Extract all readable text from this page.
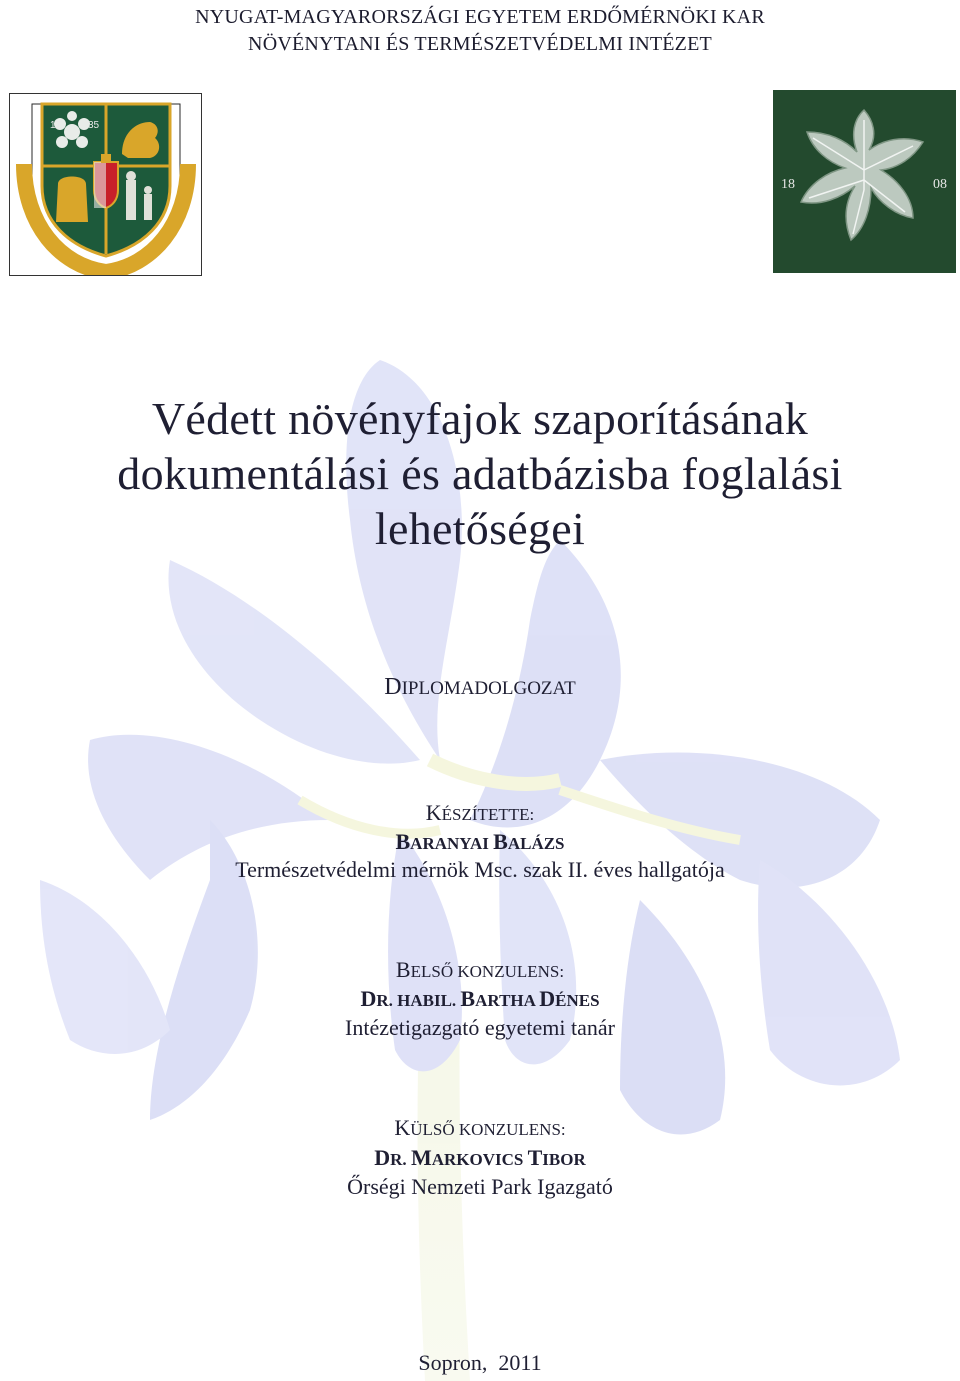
NYUGAT-MAGYARORSZÁGI EGYETEM ERDŐMÉRNÖKI KAR
NÖVÉNYTANI ÉS TERMÉSZETVÉDELMI INTÉZET
17	35
18	08
Védett növényfajok szaporításának
dokumentálási és adatbázisba foglalási
lehetőségei
DIPLOMADOLGOZAT
KÉSZÍTETTE:
BARANYAI BALÁZS
Természetvédelmi mérnök Msc. szak II. éves hallgatója
BELSŐ KONZULENS:
DR. HABIL. BARTHA DÉNES
Intézetigazgató egyetemi tanár
KÜLSŐ KONZULENS:
DR. MARKOVICS TIBOR
Őrségi Nemzeti Park Igazgató
Sopron,  2011
